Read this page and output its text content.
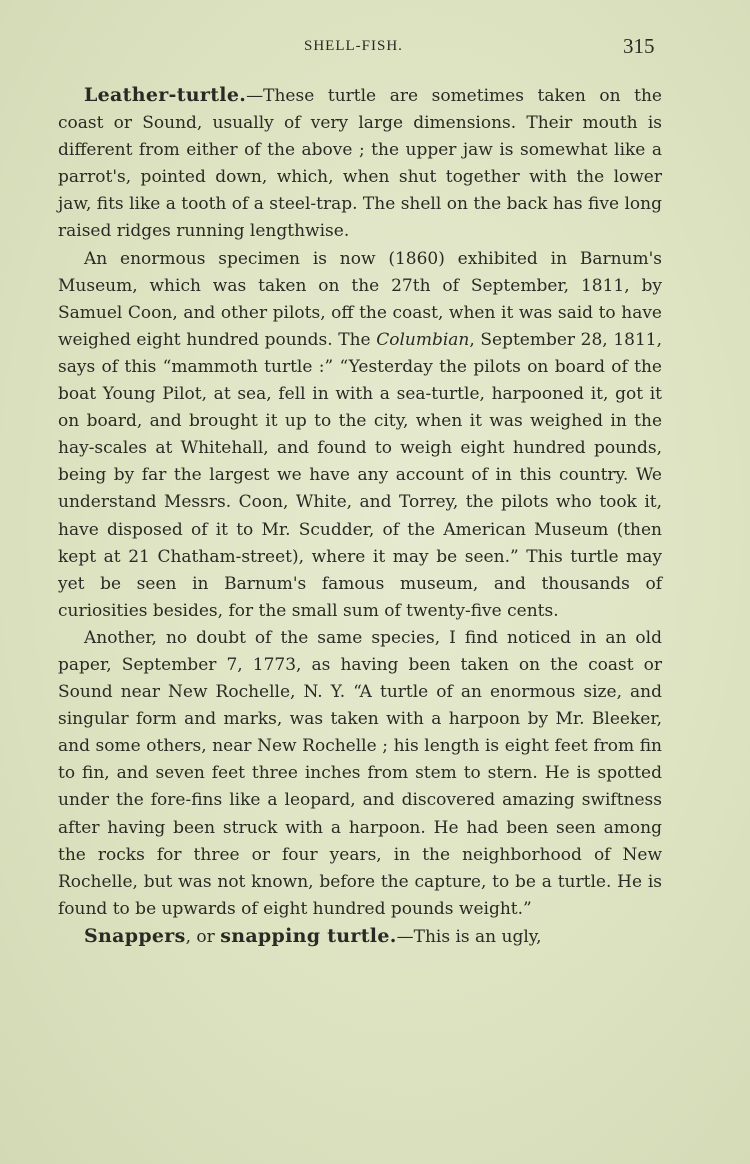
SHELL-FISH.	315

Leather-turtle.—These turtle are sometimes taken on the coast or Sound, usually of very large dimensions. Their mouth is different from either of the above ; the upper jaw is somewhat like a parrot's, pointed down, which, when shut together with the lower jaw, fits like a tooth of a steel-trap. The shell on the back has five long raised ridges running lengthwise.

An enormous specimen is now (1860) exhibited in Barnum's Museum, which was taken on the 27th of September, 1811, by Samuel Coon, and other pilots, off the coast, when it was said to have weighed eight hundred pounds. The Columbian, September 28, 1811, says of this “mammoth turtle :” “Yesterday the pilots on board of the boat Young Pilot, at sea, fell in with a sea-turtle, harpooned it, got it on board, and brought it up to the city, when it was weighed in the hay-scales at Whitehall, and found to weigh eight hundred pounds, being by far the largest we have any account of in this country. We understand Messrs. Coon, White, and Torrey, the pilots who took it, have disposed of it to Mr. Scudder, of the American Museum (then kept at 21 Chatham-street), where it may be seen.” This turtle may yet be seen in Barnum's famous museum, and thousands of curiosities besides, for the small sum of twenty-five cents.

Another, no doubt of the same species, I find noticed in an old paper, September 7, 1773, as having been taken on the coast or Sound near New Rochelle, N. Y. “A turtle of an enormous size, and singular form and marks, was taken with a harpoon by Mr. Bleeker, and some others, near New Rochelle ; his length is eight feet from fin to fin, and seven feet three inches from stem to stern. He is spotted under the fore-fins like a leopard, and discovered amazing swiftness after having been struck with a harpoon. He had been seen among the rocks for three or four years, in the neighborhood of New Rochelle, but was not known, before the capture, to be a turtle. He is found to be upwards of eight hundred pounds weight.”

Snappers, or snapping turtle.—This is an ugly,
